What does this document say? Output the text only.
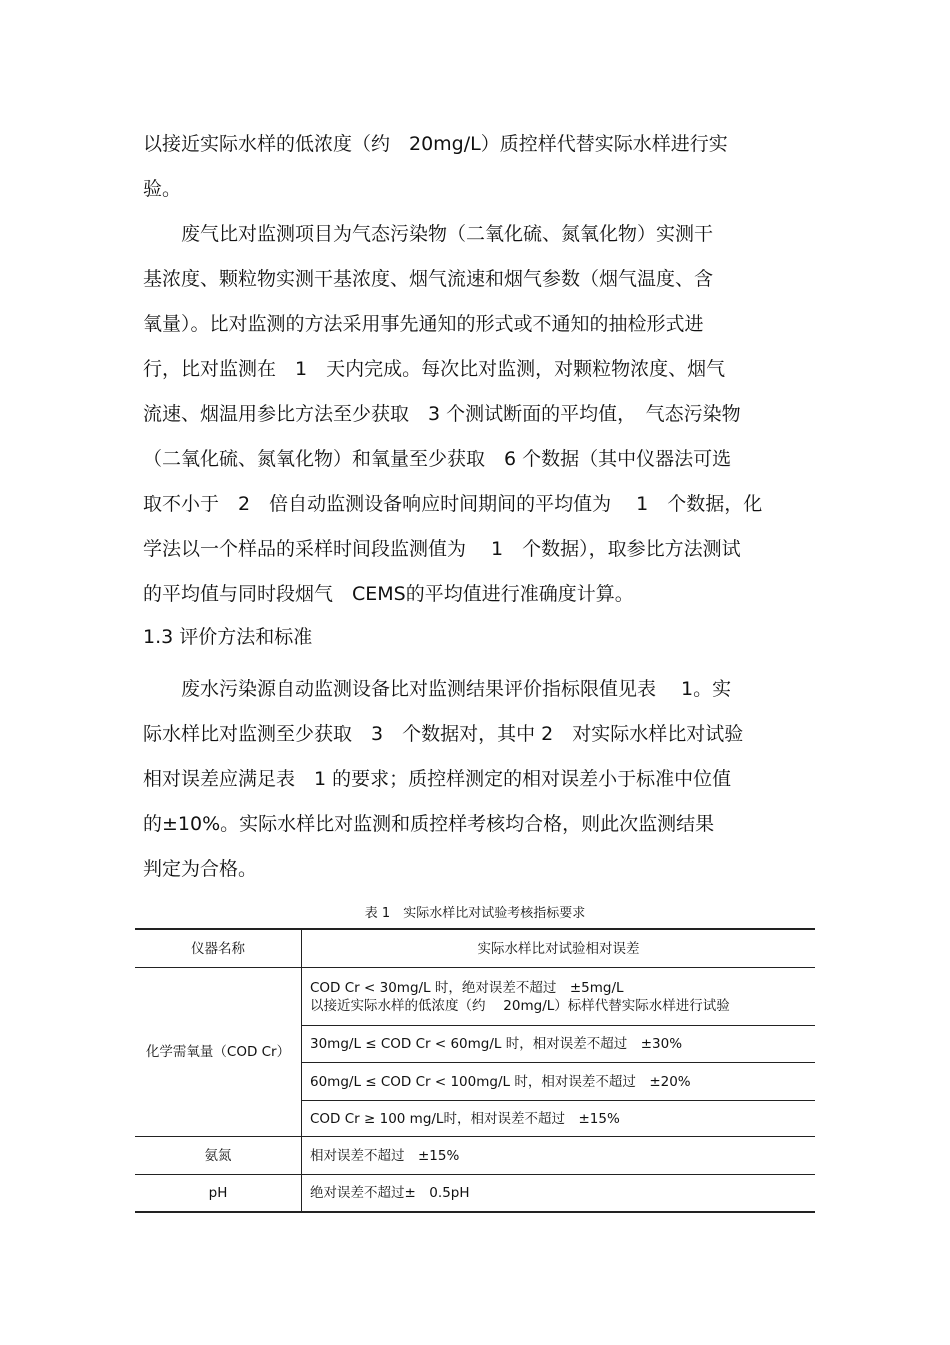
以接近实际水样的低浓度（约　20mg/L）质控样代替实际水样进行实
验。
　　废气比对监测项目为气态污染物（二氧化硫、氮氧化物）实测干
基浓度、颗粒物实测干基浓度、烟气流速和烟气参数（烟气温度、含
氧量）。比对监测的方法采用事先通知的形式或不通知的抽检形式进
行，比对监测在　1　天内完成。每次比对监测，对颗粒物浓度、烟气
流速、烟温用参比方法至少获取　3 个测试断面的平均值，　气态污染物
（二氧化硫、氮氧化物）和氧量至少获取　6 个数据（其中仪器法可选
取不小于　2　倍自动监测设备响应时间期间的平均值为　 1　个数据，化
学法以一个样品的采样时间段监测值为　 1　个数据），取参比方法测试
的平均值与同时段烟气　CEMS的平均值进行准确度计算。
1.3 评价方法和标准
　　废水污染源自动监测设备比对监测结果评价指标限值见表　 1。实
际水样比对监测至少获取　3　个数据对，其中 2　对实际水样比对试验
相对误差应满足表　1 的要求；质控样测定的相对误差小于标准中位值
的±10%。实际水样比对监测和质控样考核均合格，则此次监测结果
判定为合格。
表 1　实际水样比对试验考核指标要求
仪器名称	实际水样比对试验相对误差
化学需氧量（COD Cr）	COD Cr < 30mg/L 时，绝对误差不超过　±5mg/L
以接近实际水样的低浓度（约　 20mg/L）标样代替实际水样进行试验

	30mg/L ≤ COD Cr < 60mg/L 时，相对误差不超过　±30%
	60mg/L ≤ COD Cr < 100mg/L 时，相对误差不超过　±20%
	COD Cr ≥ 100 mg/L时，相对误差不超过　±15%
氨氮	相对误差不超过　±15%
pH	绝对误差不超过±　0.5pH
